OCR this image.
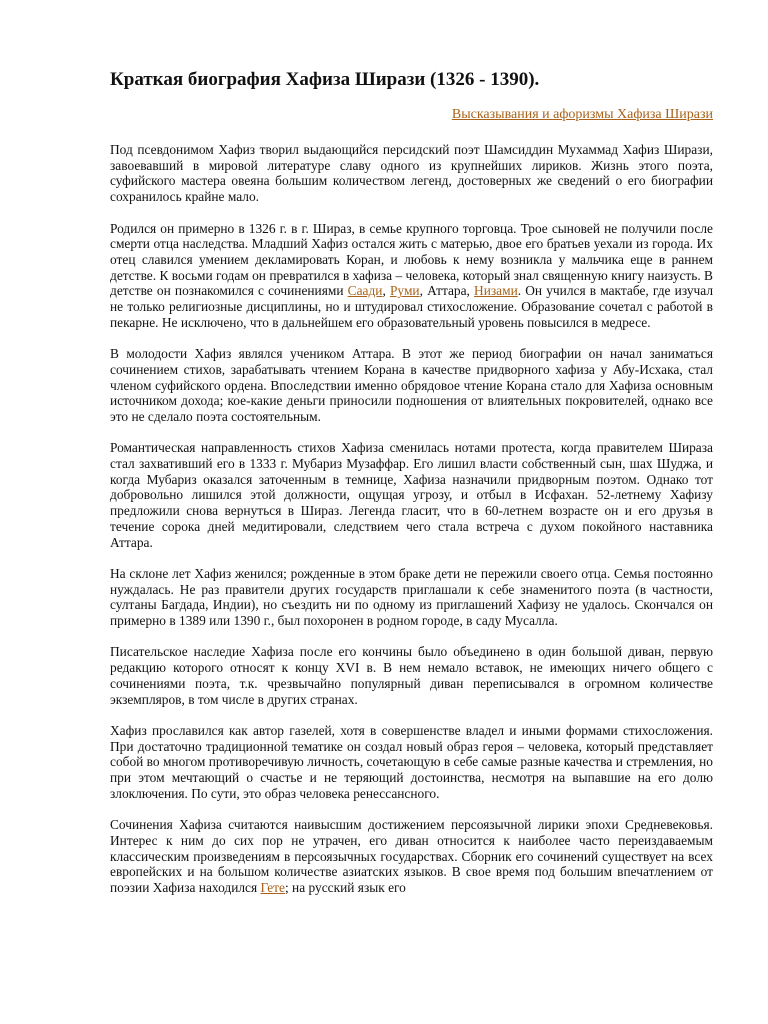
Краткая биография Хафиза Ширази (1326 - 1390).
Высказывания и афоризмы Хафиза Ширази

Под псевдонимом Хафиз творил выдающийся персидский поэт Шамсиддин Мухаммад Хафиз Ширази, завоевавший в мировой литературе славу одного из крупнейших лириков. Жизнь этого поэта, суфийского мастера овеяна большим количеством легенд, достоверных же сведений о его биографии сохранилось крайне мало.

Родился он примерно в 1326 г. в г. Шираз, в семье крупного торговца. Трое сыновей не получили после смерти отца наследства. Младший Хафиз остался жить с матерью, двое его братьев уехали из города. Их отец славился умением декламировать Коран, и любовь к нему возникла у мальчика еще в раннем детстве. К восьми годам он превратился в хафиза – человека, который знал священную книгу наизусть. В детстве он познакомился с сочинениями Саади, Руми, Аттара, Низами. Он учился в мактабе, где изучал не только религиозные дисциплины, но и штудировал стихосложение. Образование сочетал с работой в пекарне. Не исключено, что в дальнейшем его образовательный уровень повысился в медресе.

В молодости Хафиз являлся учеником Аттара. В этот же период биографии он начал заниматься сочинением стихов, зарабатывать чтением Корана в качестве придворного хафиза у Абу-Исхака, стал членом суфийского ордена. Впоследствии именно обрядовое чтение Корана стало для Хафиза основным источником дохода; кое-какие деньги приносили подношения от влиятельных покровителей, однако все это не сделало поэта состоятельным.

Романтическая направленность стихов Хафиза сменилась нотами протеста, когда правителем Шираза стал захвативший его в 1333 г. Мубариз Музаффар. Его лишил власти собственный сын, шах Шуджа, и когда Мубариз оказался заточенным в темнице, Хафиза назначили придворным поэтом. Однако тот добровольно лишился этой должности, ощущая угрозу, и отбыл в Исфахан. 52-летнему Хафизу предложили снова вернуться в Шираз. Легенда гласит, что в 60-летнем возрасте он и его друзья в течение сорока дней медитировали, следствием чего стала встреча с духом покойного наставника Аттара.

На склоне лет Хафиз женился; рожденные в этом браке дети не пережили своего отца. Семья постоянно нуждалась. Не раз правители других государств приглашали к себе знаменитого поэта (в частности, султаны Багдада, Индии), но съездить ни по одному из приглашений Хафизу не удалось. Скончался он примерно в 1389 или 1390 г., был похоронен в родном городе, в саду Мусалла.

Писательское наследие Хафиза после его кончины было объединено в один большой диван, первую редакцию которого относят к концу XVI в. В нем немало вставок, не имеющих ничего общего с сочинениями поэта, т.к. чрезвычайно популярный диван переписывался в огромном количестве экземпляров, в том числе в других странах.

Хафиз прославился как автор газелей, хотя в совершенстве владел и иными формами стихосложения. При достаточно традиционной тематике он создал новый образ героя – человека, который представляет собой во многом противоречивую личность, сочетающую в себе самые разные качества и стремления, но при этом мечтающий о счастье и не теряющий достоинства, несмотря на выпавшие на его долю злоключения. По сути, это образ человека ренессансного.

Сочинения Хафиза считаются наивысшим достижением персоязычной лирики эпохи Средневековья. Интерес к ним до сих пор не утрачен, его диван относится к наиболее часто переиздаваемым классическим произведениям в персоязычных государствах. Сборник его сочинений существует на всех европейских и на большом количестве азиатских языков. В свое время под большим впечатлением от поэзии Хафиза находился Гете; на русский язык его
